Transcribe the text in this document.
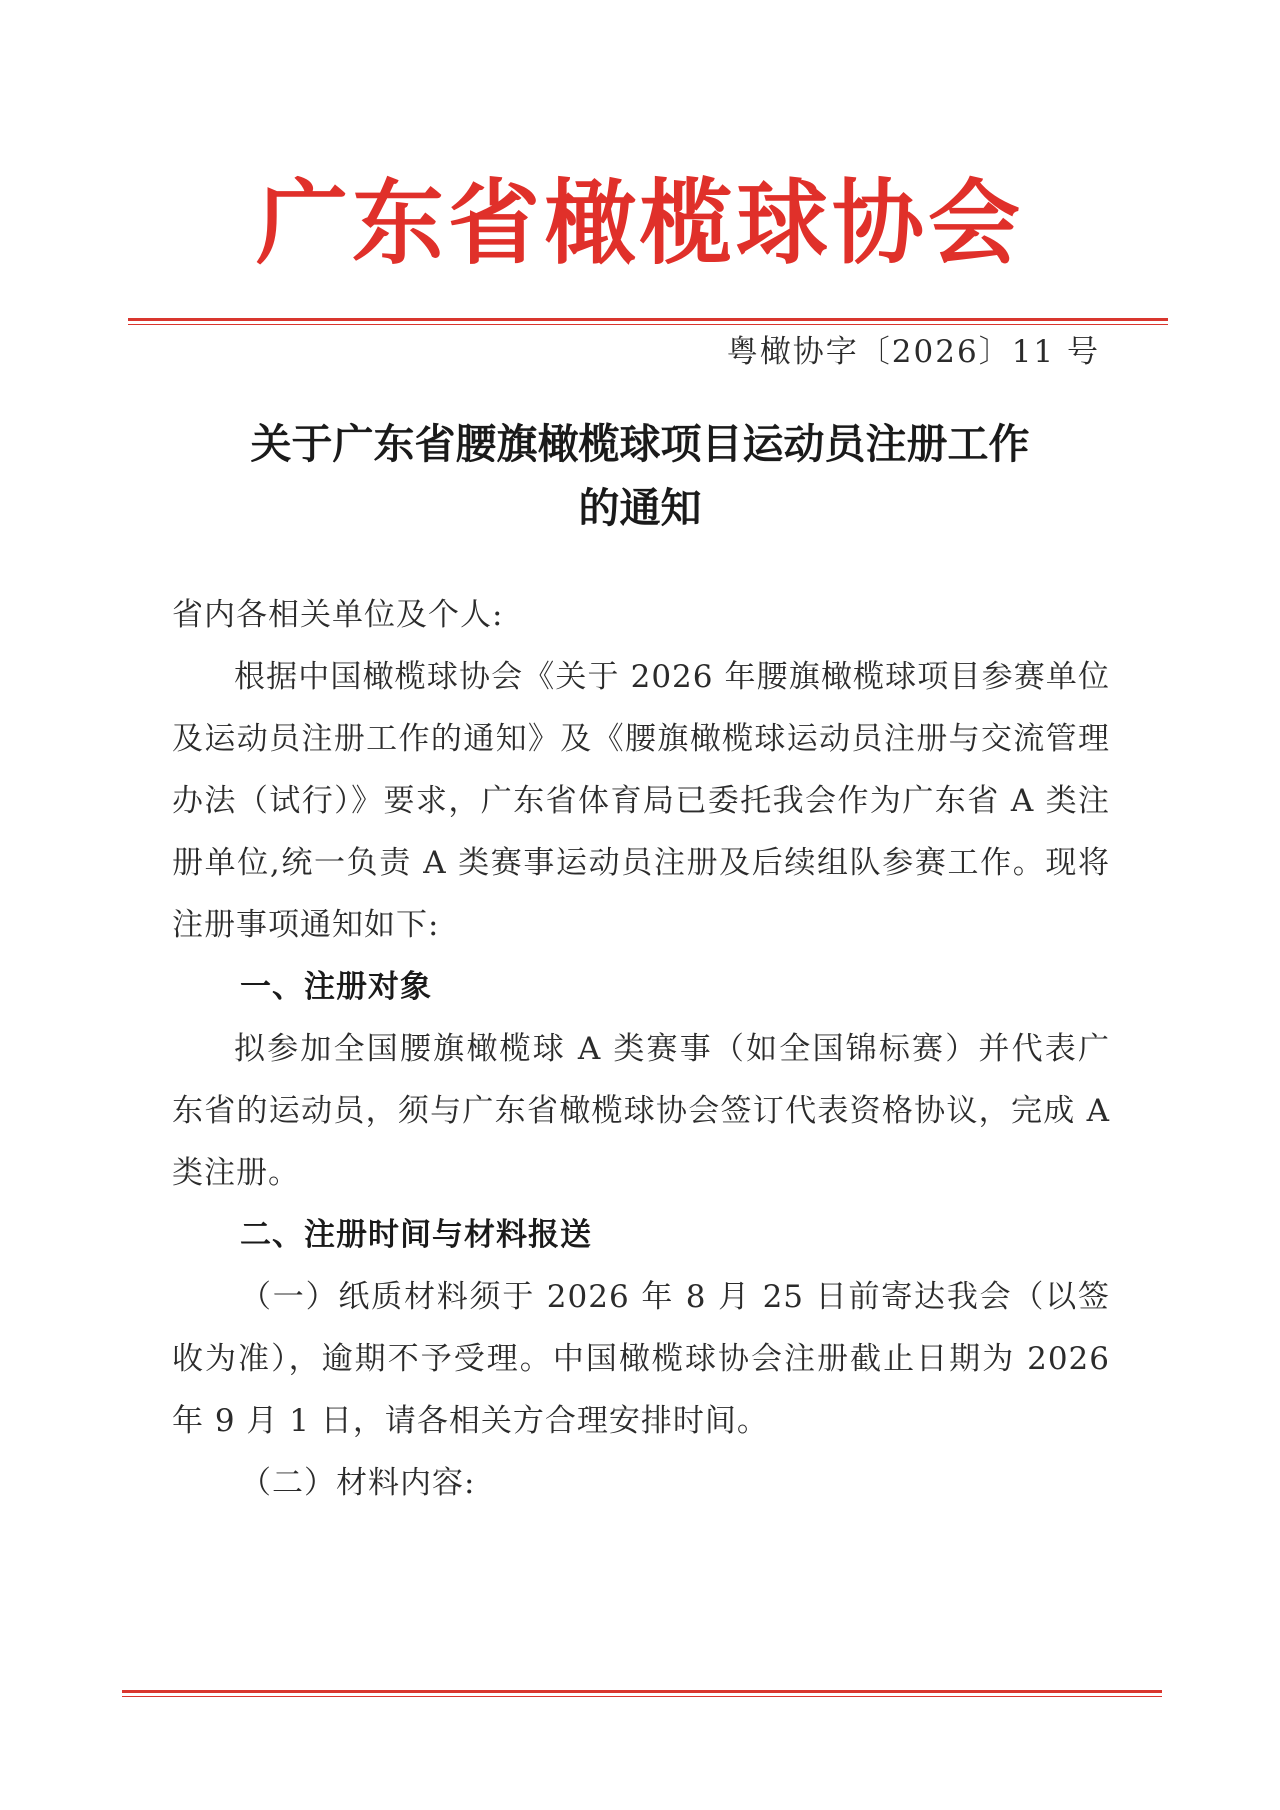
广东省橄榄球协会
粤橄协字〔2026〕11 号
关于广东省腰旗橄榄球项目运动员注册工作
的通知

省内各相关单位及个人:

根据中国橄榄球协会《关于 2026 年腰旗橄榄球项目参赛单位及运动员注册工作的通知》及《腰旗橄榄球运动员注册与交流管理办法（试行）》要求，广东省体育局已委托我会作为广东省 A 类注册单位,统一负责 A 类赛事运动员注册及后续组队参赛工作。现将注册事项通知如下:

一、注册对象

拟参加全国腰旗橄榄球 A 类赛事（如全国锦标赛）并代表广东省的运动员，须与广东省橄榄球协会签订代表资格协议，完成 A 类注册。

二、注册时间与材料报送

（一）纸质材料须于 2026 年 8 月 25 日前寄达我会（以签收为准），逾期不予受理。中国橄榄球协会注册截止日期为 2026 年 9 月 1 日，请各相关方合理安排时间。

（二）材料内容:
